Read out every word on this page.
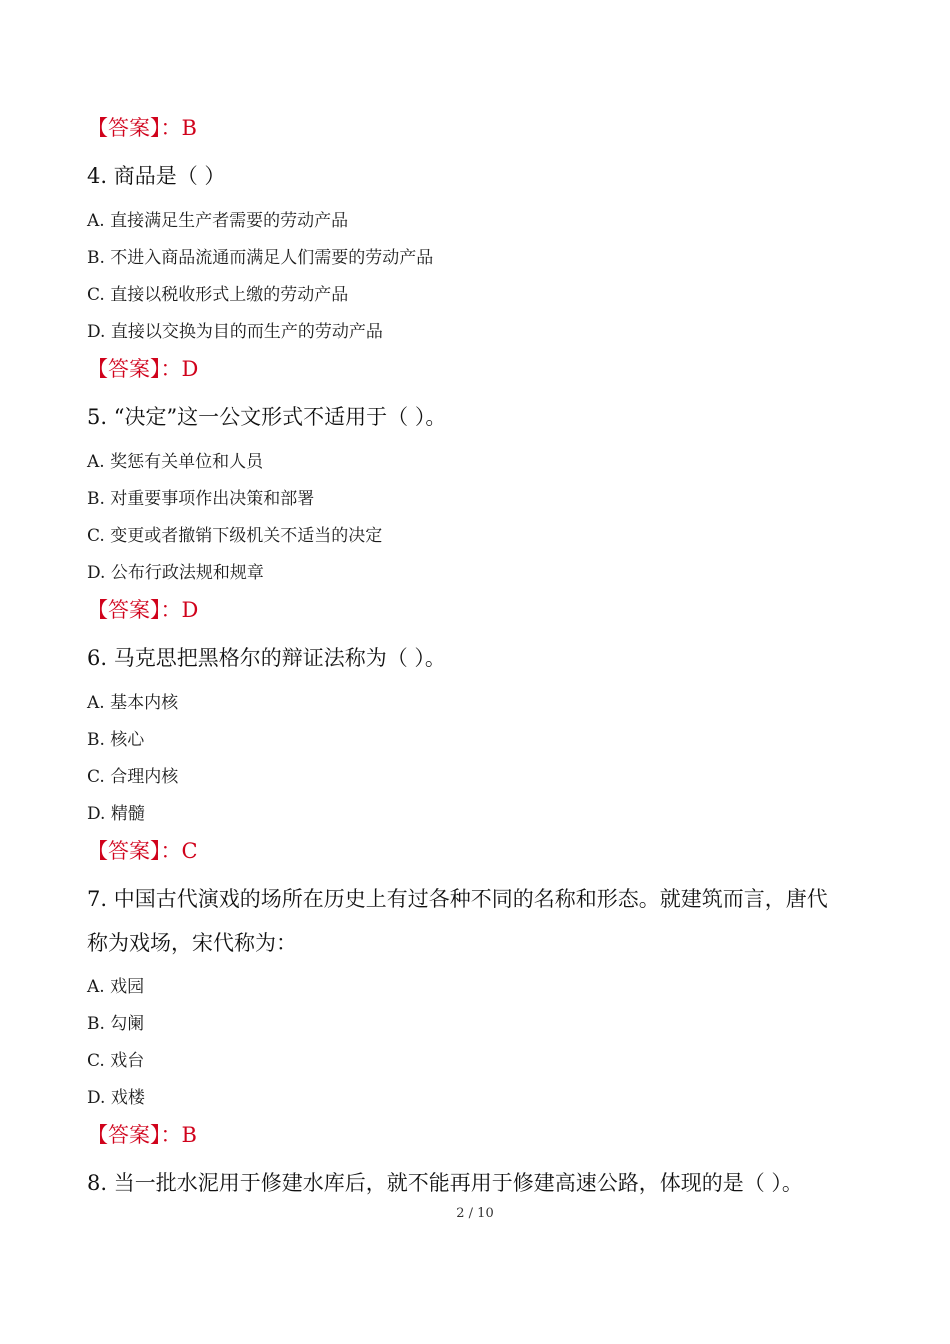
【答案】：B
4. 商品是（ ）
A. 直接满足生产者需要的劳动产品
B. 不进入商品流通而满足人们需要的劳动产品
C. 直接以税收形式上缴的劳动产品
D. 直接以交换为目的而生产的劳动产品
【答案】：D
5. “决定”这一公文形式不适用于（ ）。
A. 奖惩有关单位和人员
B. 对重要事项作出决策和部署
C. 变更或者撤销下级机关不适当的决定
D. 公布行政法规和规章
【答案】：D
6. 马克思把黑格尔的辩证法称为（ ）。
A. 基本内核
B. 核心
C. 合理内核
D. 精髓
【答案】：C
7. 中国古代演戏的场所在历史上有过各种不同的名称和形态。就建筑而言，唐代
称为戏场，宋代称为：
A. 戏园
B. 勾阑
C. 戏台
D. 戏楼
【答案】：B
8. 当一批水泥用于修建水库后，就不能再用于修建高速公路，体现的是（ ）。
2 / 10
